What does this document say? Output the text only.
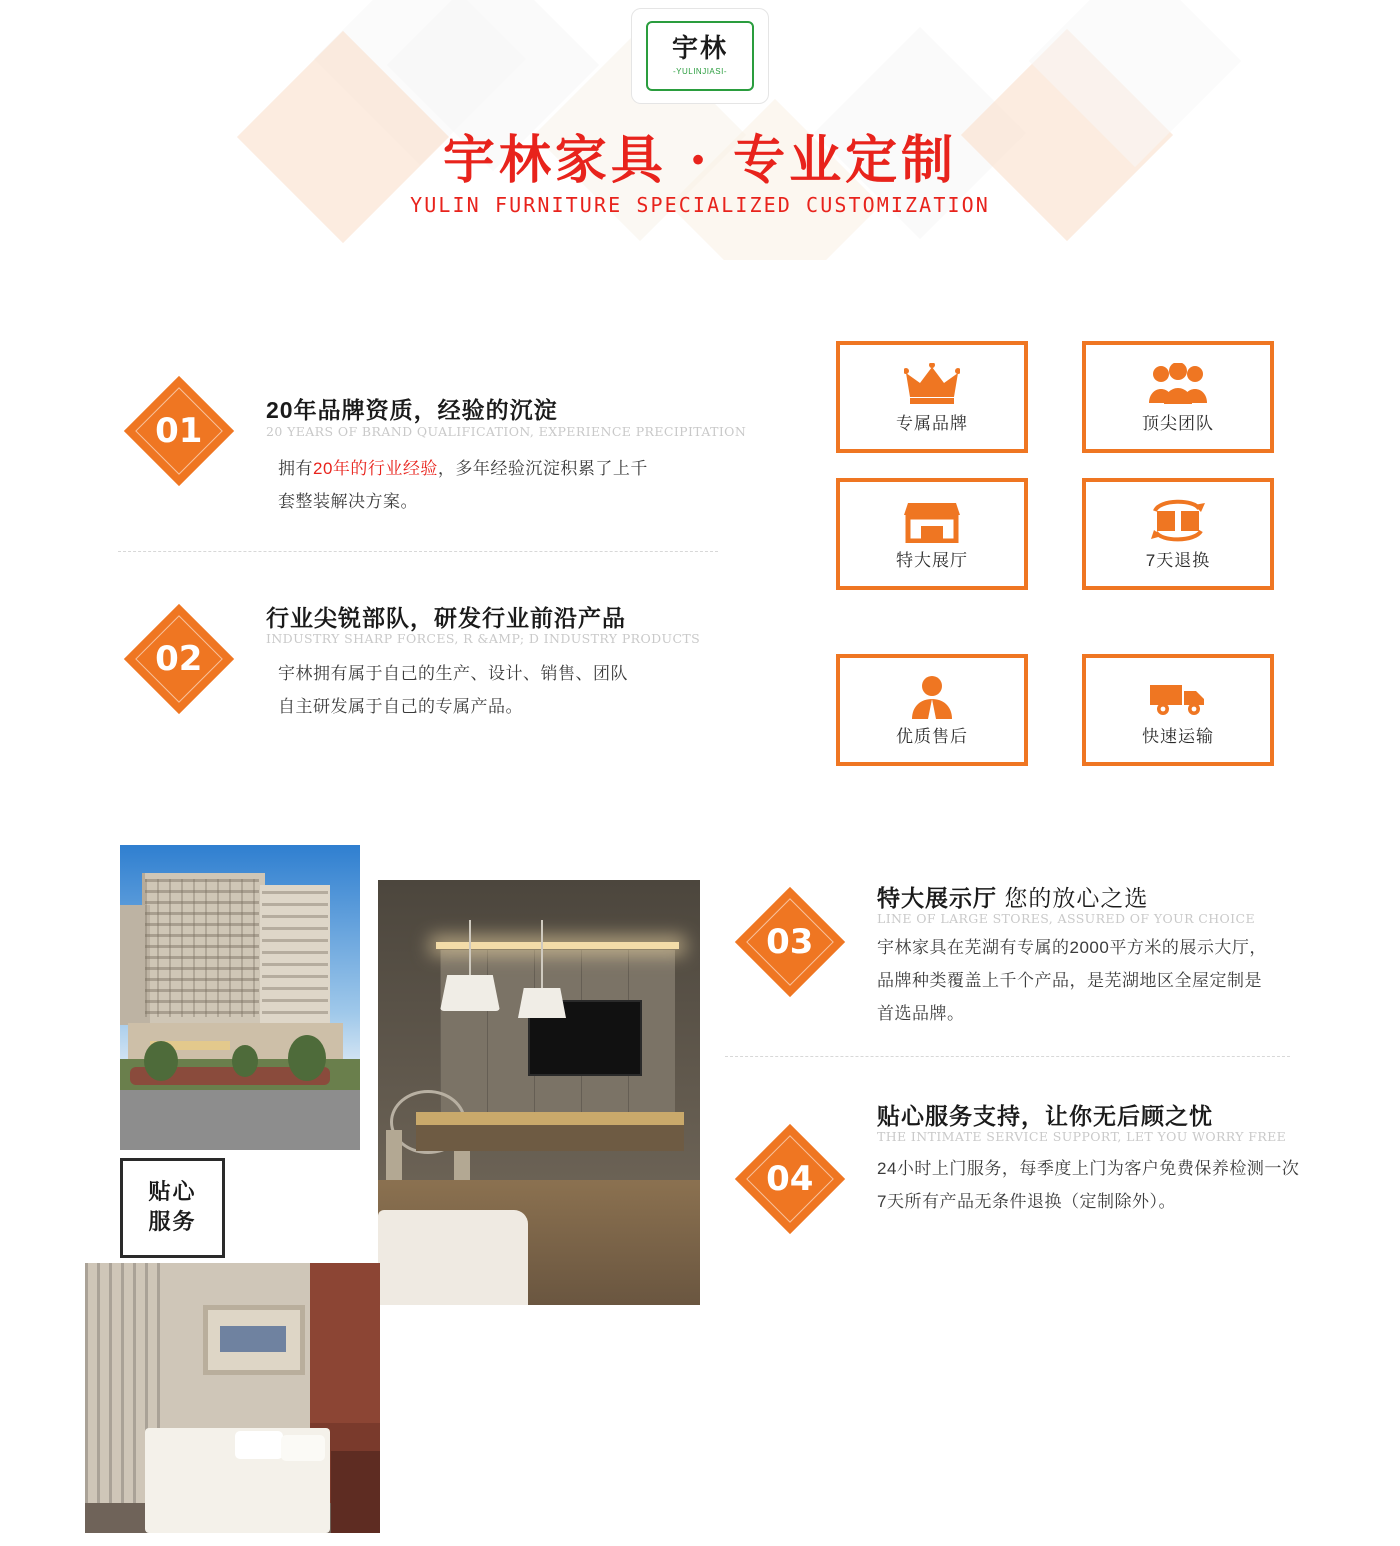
宇林
-YULINJIASI-
宇林家具 · 专业定制
YULIN FURNITURE SPECIALIZED CUSTOMIZATION
01
20年品牌资质，经验的沉淀
20 YEARS OF BRAND QUALIFICATION, EXPERIENCE PRECIPITATION
拥有20年的行业经验，多年经验沉淀积累了上千
套整装解决方案。
02
行业尖锐部队，研发行业前沿产品
INDUSTRY SHARP FORCES, R &AMP; D INDUSTRY PRODUCTS
宇林拥有属于自己的生产、设计、销售、团队
自主研发属于自己的专属产品。
专属品牌	顶尖团队
特大展厅	7天退换
优质售后	快速运输
贴心
服务
03
特大展示厅 您的放心之选
LINE OF LARGE STORES, ASSURED OF YOUR CHOICE
宇林家具在芜湖有专属的2000平方米的展示大厅，
品牌种类覆盖上千个产品，是芜湖地区全屋定制是
首选品牌。
04
贴心服务支持，让你无后顾之忧
THE INTIMATE SERVICE SUPPORT, LET YOU WORRY FREE
24小时上门服务，每季度上门为客户免费保养检测一次
7天所有产品无条件退换（定制除外）。
